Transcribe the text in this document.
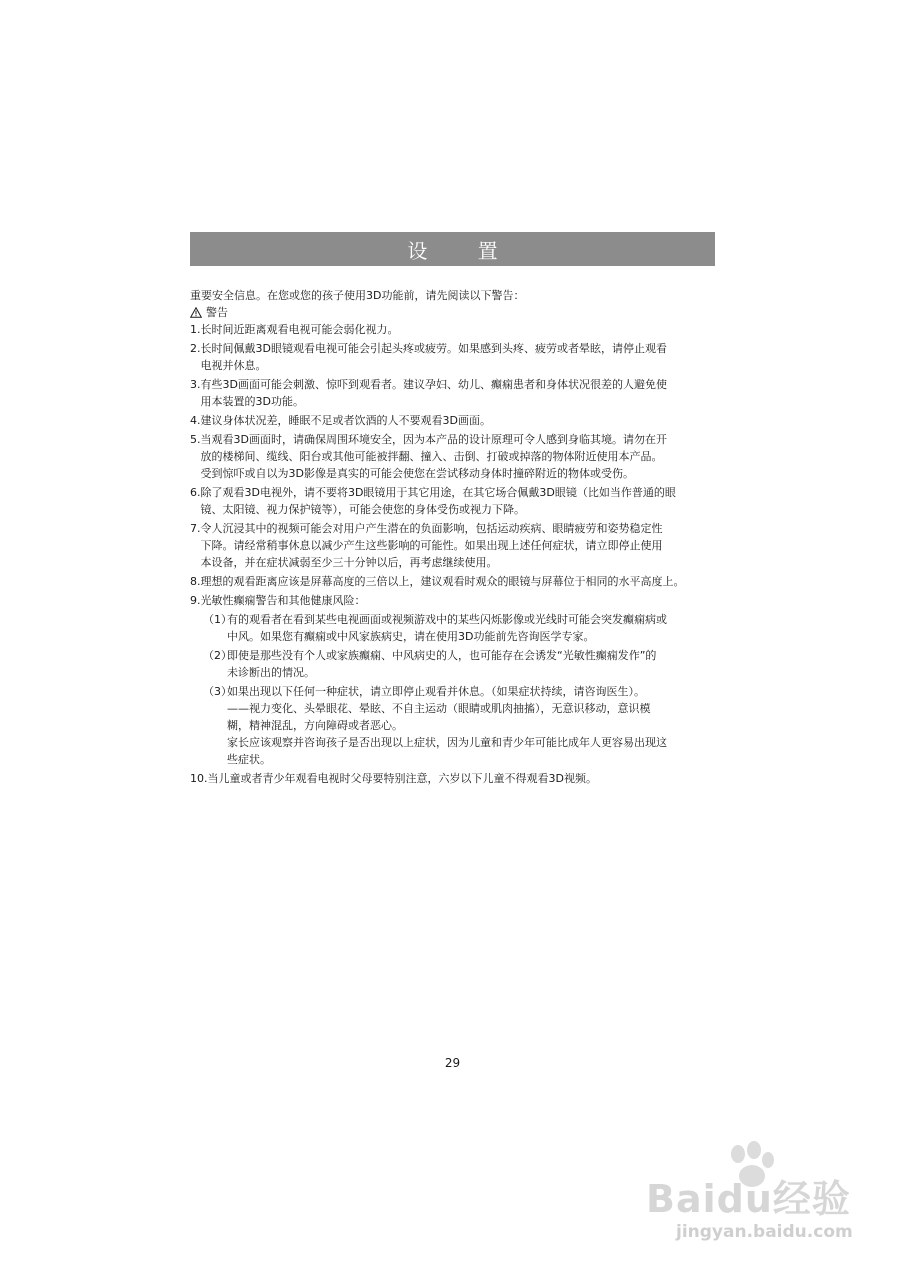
设 置
重要安全信息。在您或您的孩子使用3D功能前，请先阅读以下警告：
警告
1. 长时间近距离观看电视可能会弱化视力。
2. 长时间佩戴3D眼镜观看电视可能会引起头疼或疲劳。如果感到头疼、疲劳或者晕眩，请停止观看
电视并休息。
3. 有些3D画面可能会刺激、惊吓到观看者。建议孕妇、幼儿、癫痫患者和身体状况很差的人避免使
用本装置的3D功能。
4. 建议身体状况差，睡眠不足或者饮酒的人不要观看3D画面。
5. 当观看3D画面时，请确保周围环境安全，因为本产品的设计原理可令人感到身临其境。请勿在开
放的楼梯间、缆线、阳台或其他可能被拌翻、撞入、击倒、打破或掉落的物体附近使用本产品。
受到惊吓或自以为3D影像是真实的可能会使您在尝试移动身体时撞碎附近的物体或受伤。
6. 除了观看3D电视外，请不要将3D眼镜用于其它用途，在其它场合佩戴3D眼镜（比如当作普通的眼
镜、太阳镜、视力保护镜等），可能会使您的身体受伤或视力下降。
7. 令人沉浸其中的视频可能会对用户产生潜在的负面影响，包括运动疾病、眼睛疲劳和姿势稳定性
下降。请经常稍事休息以减少产生这些影响的可能性。如果出现上述任何症状，请立即停止使用
本设备，并在症状减弱至少三十分钟以后，再考虑继续使用。
8. 理想的观看距离应该是屏幕高度的三倍以上，建议观看时观众的眼镜与屏幕位于相同的水平高度上。
9. 光敏性癫痫警告和其他健康风险：
（1）
有的观看者在看到某些电视画面或视频游戏中的某些闪烁影像或光线时可能会突发癫痫病或
中风。如果您有癫痫或中风家族病史，请在使用3D功能前先咨询医学专家。
（2）
即使是那些没有个人或家族癫痫、中风病史的人，也可能存在会诱发“光敏性癫痫发作”的
未诊断出的情况。
（3）
如果出现以下任何一种症状，请立即停止观看并休息。（如果症状持续，请咨询医生）。
——视力变化、头晕眼花、晕眩、不自主运动（眼睛或肌肉抽搐），无意识移动，意识模
糊，精神混乱，方向障碍或者恶心。
家长应该观察并咨询孩子是否出现以上症状，因为儿童和青少年可能比成年人更容易出现这
些症状。
10. 当儿童或者青少年观看电视时父母要特别注意，六岁以下儿童不得观看3D视频。
29
Baidu经验
jingyan.baidu.com
